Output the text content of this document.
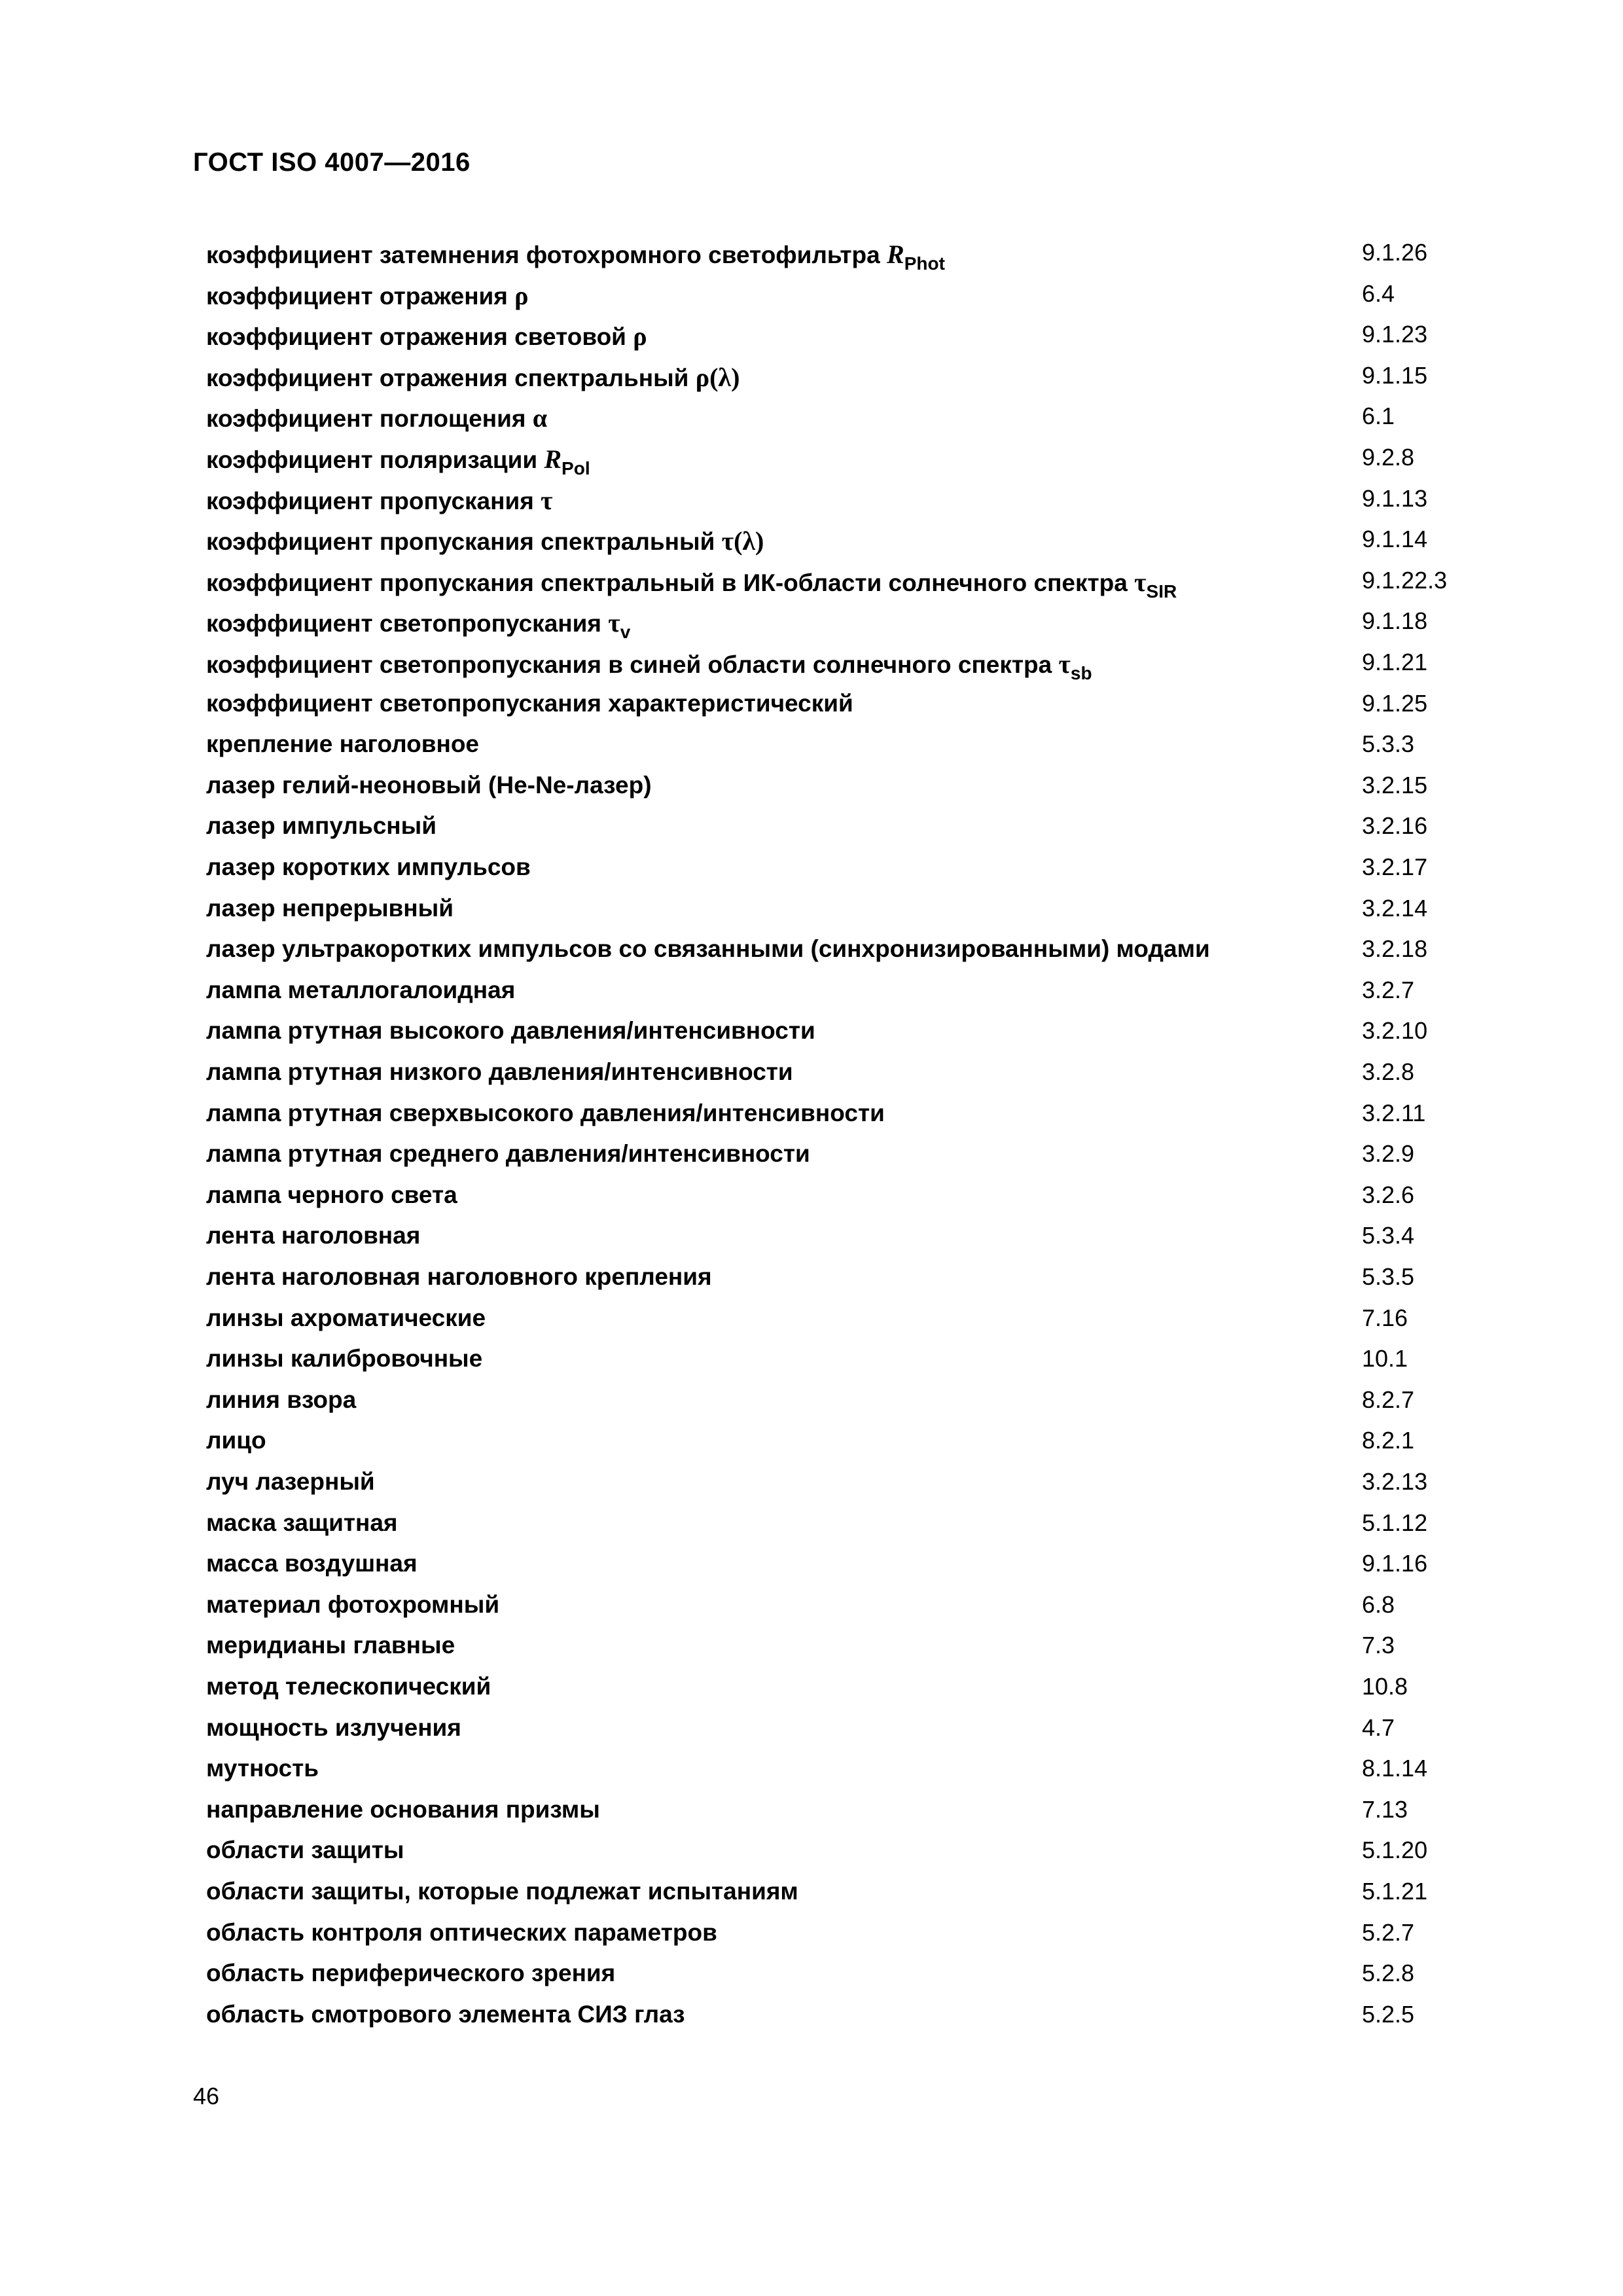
ГОСТ ISO 4007—2016
коэффициент затемнения фотохромного светофильтра $R_{Phot}$	9.1.26
коэффициент отражения ρ	6.4
коэффициент отражения световой ρ	9.1.23
коэффициент отражения спектральный ρ(λ)	9.1.15
коэффициент поглощения α	6.1
коэффициент поляризации $R_{Pol}$	9.2.8
коэффициент пропускания τ	9.1.13
коэффициент пропускания спектральный τ(λ)	9.1.14
коэффициент пропускания спектральный в ИК-области солнечного спектра $\tau_{SIR}$	9.1.22.3
коэффициент светопропускания $\tau_v$	9.1.18
коэффициент светопропускания в синей области солнечного спектра $\tau_{sb}$	9.1.21
коэффициент светопропускания характеристический	9.1.25
крепление наголовное	5.3.3
лазер гелий-неоновый (He-Ne-лазер)	3.2.15
лазер импульсный	3.2.16
лазер коротких импульсов	3.2.17
лазер непрерывный	3.2.14
лазер ультракоротких импульсов со связанными (синхронизированными) модами	3.2.18
лампа металлогалоидная	3.2.7
лампа ртутная высокого давления/интенсивности	3.2.10
лампа ртутная низкого давления/интенсивности	3.2.8
лампа ртутная сверхвысокого давления/интенсивности	3.2.11
лампа ртутная среднего давления/интенсивности	3.2.9
лампа черного света	3.2.6
лента наголовная	5.3.4
лента наголовная наголовного крепления	5.3.5
линзы ахроматические	7.16
линзы калибровочные	10.1
линия взора	8.2.7
лицо	8.2.1
луч лазерный	3.2.13
маска защитная	5.1.12
масса воздушная	9.1.16
материал фотохромный	6.8
меридианы главные	7.3
метод телескопический	10.8
мощность излучения	4.7
мутность	8.1.14
направление основания призмы	7.13
области защиты	5.1.20
области защиты, которые подлежат испытаниям	5.1.21
область контроля оптических параметров	5.2.7
область периферического зрения	5.2.8
область смотрового элемента СИЗ глаз	5.2.5
46
